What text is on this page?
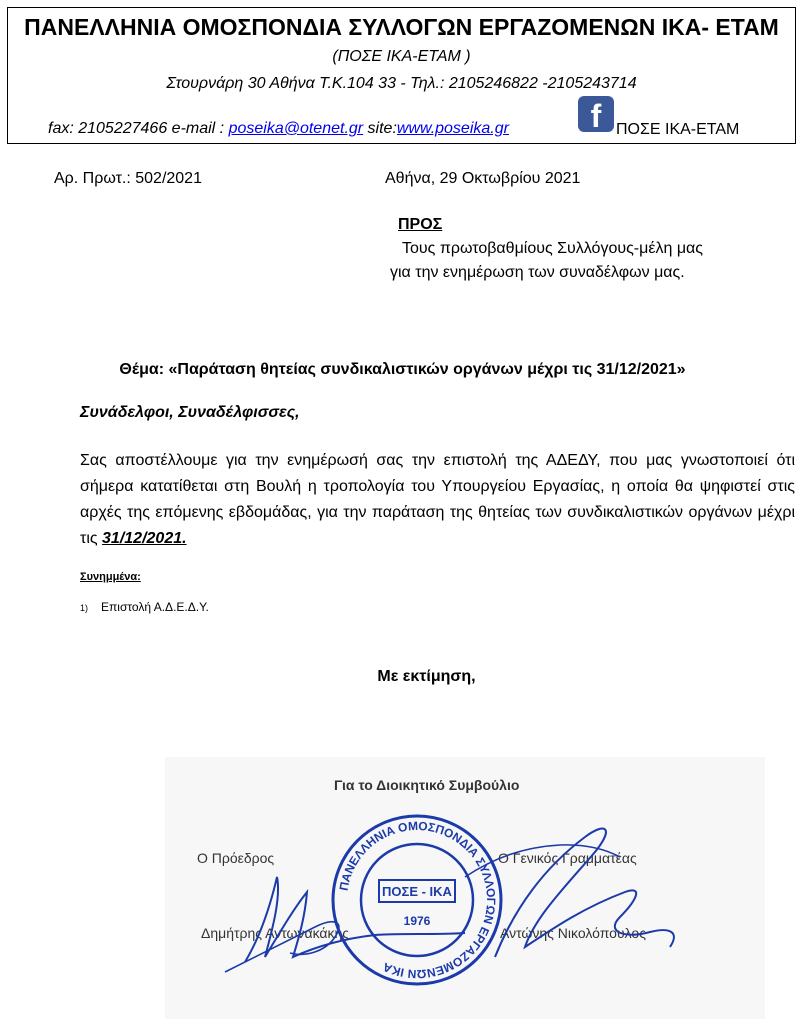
ΠΑΝΕΛΛΗΝΙΑ ΟΜΟΣΠΟΝΔΙΑ ΣΥΛΛΟΓΩΝ ΕΡΓΑΖΟΜΕΝΩΝ ΙΚΑ- ΕΤΑΜ
(ΠΟΣΕ ΙΚΑ-ΕΤΑΜ )
Στουρνάρη 30 Αθήνα Τ.Κ.104 33 - Τηλ.: 2105246822 -2105243714
fax: 2105227466 e-mail : poseika@otenet.gr site:www.poseika.gr	f ΠΟΣΕ ΙΚΑ-ΕΤΑΜ
Αρ. Πρωτ.: 502/2021	Αθήνα, 29 Οκτωβρίου 2021
ΠΡΟΣ
Τους πρωτοβαθμίους Συλλόγους-μέλη μας
για την ενημέρωση των συναδέλφων μας.
Θέμα: «Παράταση θητείας συνδικαλιστικών οργάνων μέχρι τις 31/12/2021»
Συνάδελφοι, Συναδέλφισσες,
Σας αποστέλλουμε για την ενημέρωσή σας την επιστολή της ΑΔΕΔΥ, που μας γνωστοποιεί ότι σήμερα κατατίθεται στη Βουλή η τροπολογία του Υπουργείου Εργασίας, η οποία θα ψηφιστεί στις αρχές της επόμενης εβδομάδας, για την παράταση της θητείας των συνδικαλιστικών οργάνων μέχρι τις 31/12/2021.
Συνημμένα:
1) Επιστολή Α.Δ.Ε.Δ.Υ.
Με εκτίμηση,
Για το Διοικητικό Συμβούλιο
Ο Πρόεδρος	Ο Γενικός Γραμματέας
Δημήτρης Αντωνακάκης	Αντώνης Νικολόπουλος
ΠΑΝΕΛΛΗΝΙΑ ΟΜΟΣΠΟΝΔΙΑ ΣΥΛΛΟΓΩΝ ΕΡΓΑΖΟΜΕΝΩΝ ΙΚΑ
ΠΟΣΕ - ΙΚΑ
1976
